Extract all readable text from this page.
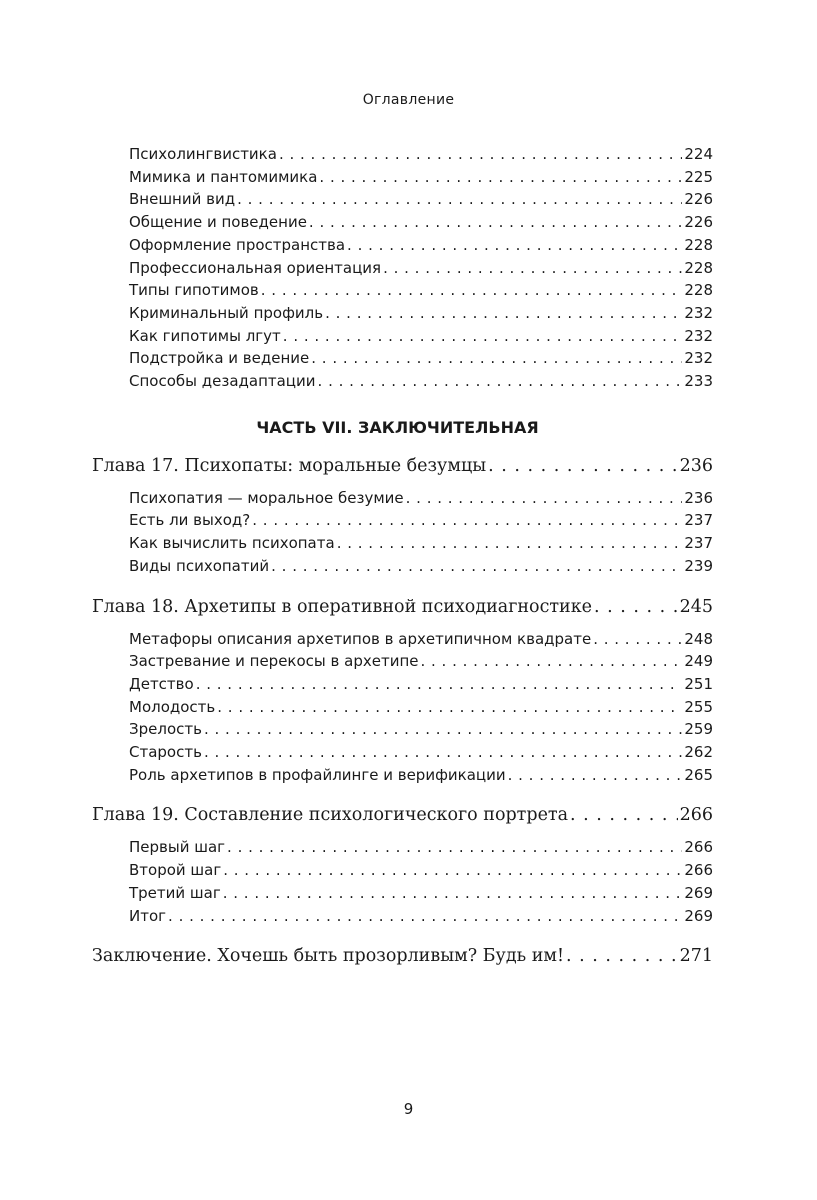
Оглавление
Психолингвистика . . .	224
Мимика и пантомимика . . .	225
Внешний вид . . .	226
Общение и поведение . . .	226
Оформление пространства . . .	228
Профессиональная ориентация . . .	228
Типы гипотимов . . .	228
Криминальный профиль . . .	232
Как гипотимы лгут . . .	232
Подстройка и ведение . . .	232
Способы дезадаптации . . .	233
ЧАСТЬ VII. ЗАКЛЮЧИТЕЛЬНАЯ
Глава 17. Психопаты: моральные безумцы . . .	236
Психопатия — моральное безумие . . .	236
Есть ли выход? . . .	237
Как вычислить психопата . . .	237
Виды психопатий . . .	239
Глава 18. Архетипы в оперативной психодиагностике . . .	245
Метафоры описания архетипов в архетипичном квадрате . . .	248
Застревание и перекосы в архетипе . . .	249
Детство . . .	251
Молодость . . .	255
Зрелость . . .	259
Старость . . .	262
Роль архетипов в профайлинге и верификации . . .	265
Глава 19. Составление психологического портрета . . .	266
Первый шаг . . .	266
Второй шаг . . .	266
Третий шаг . . .	269
Итог . . .	269
Заключение. Хочешь быть прозорливым? Будь им! . . .	271
9
